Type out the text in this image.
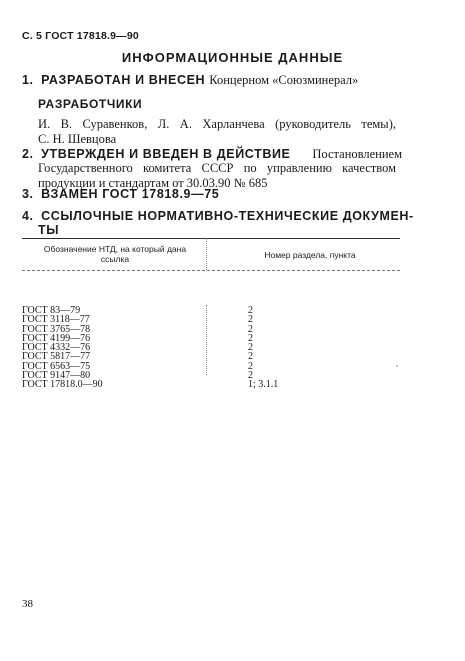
С. 5 ГОСТ 17818.9—90
ИНФОРМАЦИОННЫЕ ДАННЫЕ
1. РАЗРАБОТАН И ВНЕСЕН Концерном «Союзминерал»
РАЗРАБОТЧИКИ
И. В. Суравенков, Л. А. Харланчева (руководитель темы),
С. Н. Шевцова
2. УТВЕРЖДЕН И ВВЕДЕН В ДЕЙСТВИЕ Постановлением
Государственного комитета СССР по управлению качеством
продукции и стандартам от 30.03.90 № 685
3. ВЗАМЕН ГОСТ 17818.9—75
4. ССЫЛОЧНЫЕ НОРМАТИВНО-ТЕХНИЧЕСКИЕ ДОКУМЕН-
ТЫ
Обозначение НТД, на который дана ссылка	Номер раздела, пункта
ГОСТ 83—79	2
ГОСТ 3118—77	2
ГОСТ 3765—78	2
ГОСТ 4199—76	2
ГОСТ 4332—76	2
ГОСТ 5817—77	2
ГОСТ 6563—75	2
ГОСТ 9147—80	2
ГОСТ 17818.0—90	1; 3.1.1
,
38
